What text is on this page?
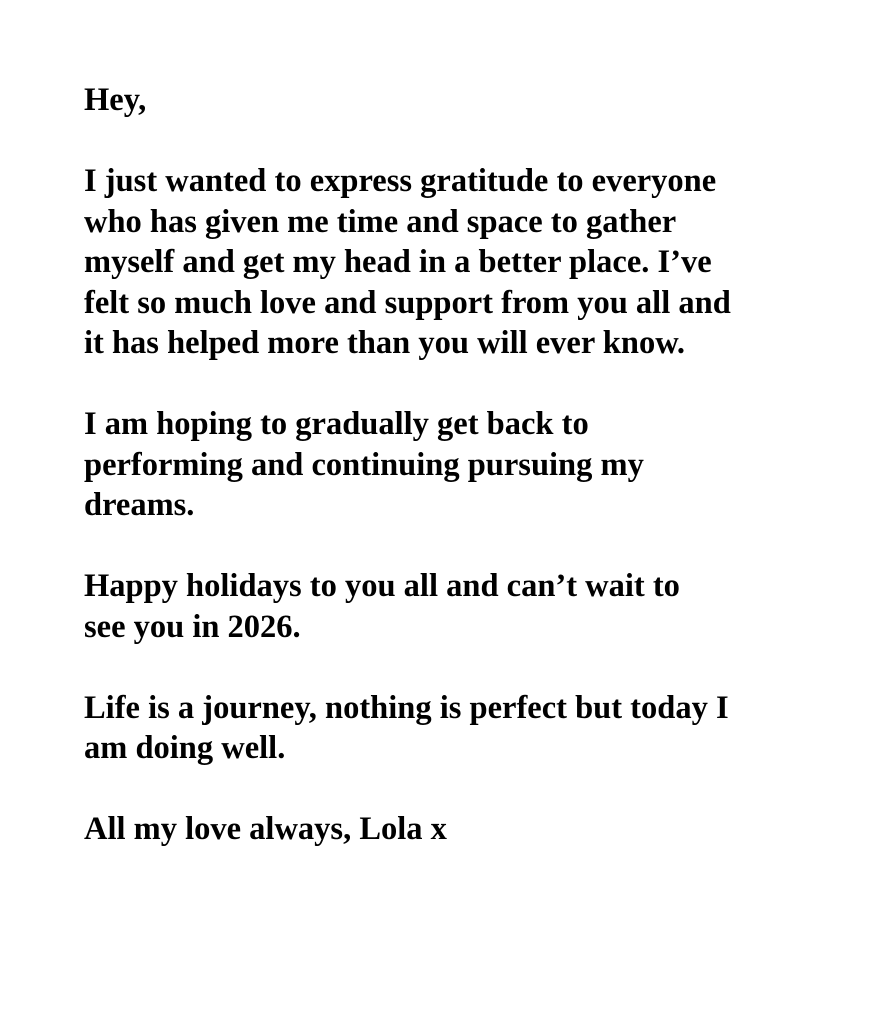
Hey,

I just wanted to express gratitude to everyone
who has given me time and space to gather
myself and get my head in a better place. I’ve
felt so much love and support from you all and
it has helped more than you will ever know.

I am hoping to gradually get back to
performing and continuing pursuing my
dreams.

Happy holidays to you all and can’t wait to
see you in 2026.

Life is a journey, nothing is perfect but today I
am doing well.

All my love always, Lola x
